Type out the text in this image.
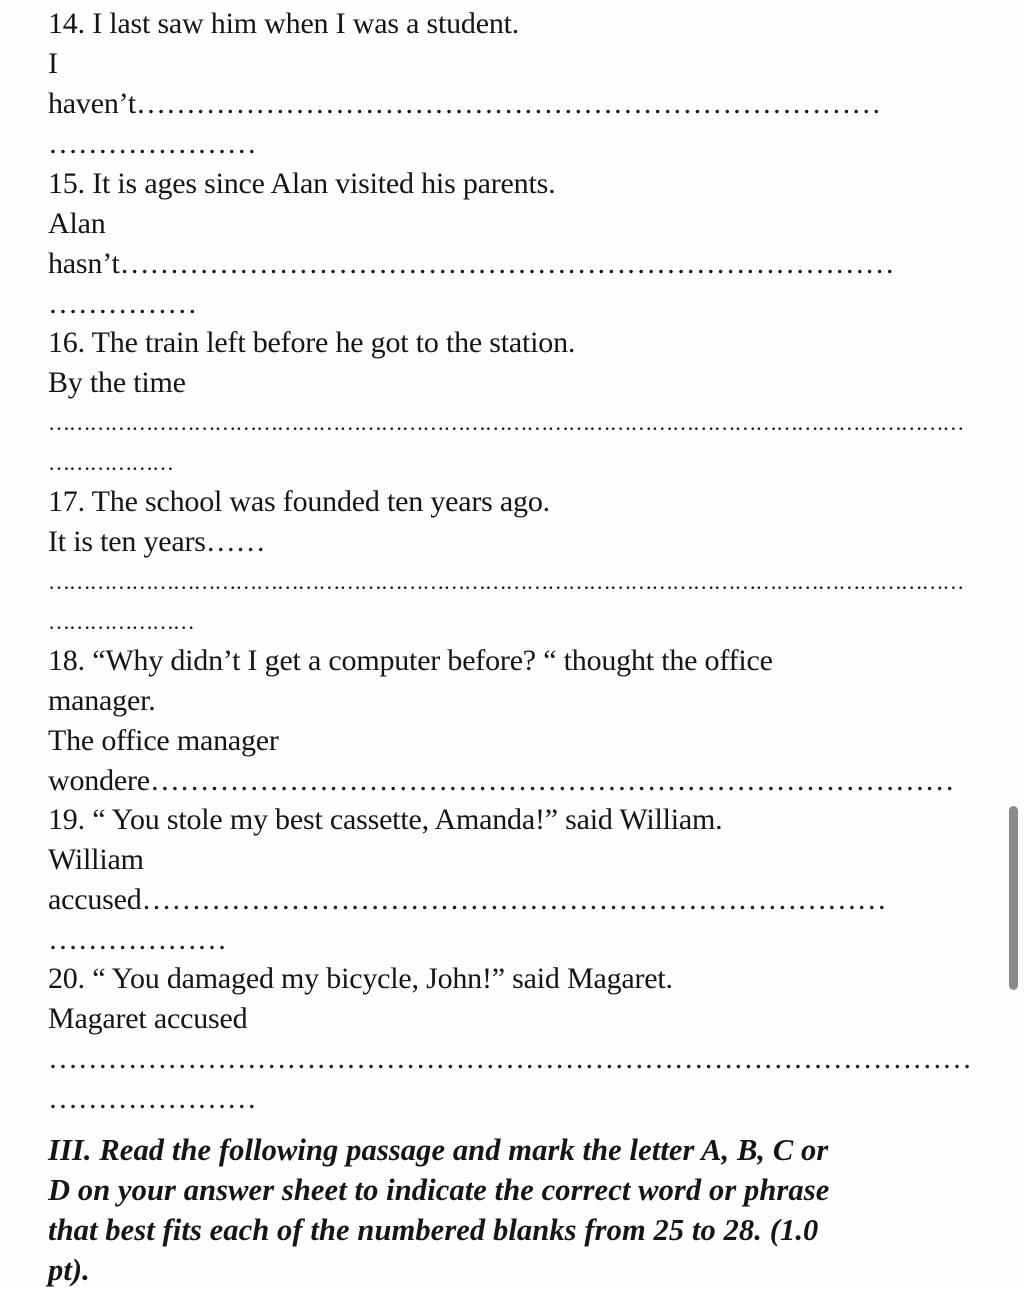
14. I last saw him when I was a student.
I
haven’t…………………………………………………………………
…………………
15. It is ages since Alan visited his parents.
Alan
hasn’t……………………………………………………………………
……………
16. The train left before he got to the station.
By the time
……………………………………………………………………………………………………………………
………………
17. The school was founded ten years ago.
It is ten years……
……………………………………………………………………………………………………………………
…………………
18. “Why didn’t I get a computer before? “ thought the office
manager.
The office manager
wondere………………………………………………………………………
19. “ You stole my best cassette, Amanda!” said William.
William
accused…………………………………………………………………
………………
20. “ You damaged my bicycle, John!” said Magaret.
Magaret accused
…………………………………………………………………………………
…………………
III. Read the following passage and mark the letter A, B, C or
D on your answer sheet to indicate the correct word or phrase
that best fits each of the numbered blanks from 25 to 28. (1.0
pt).
